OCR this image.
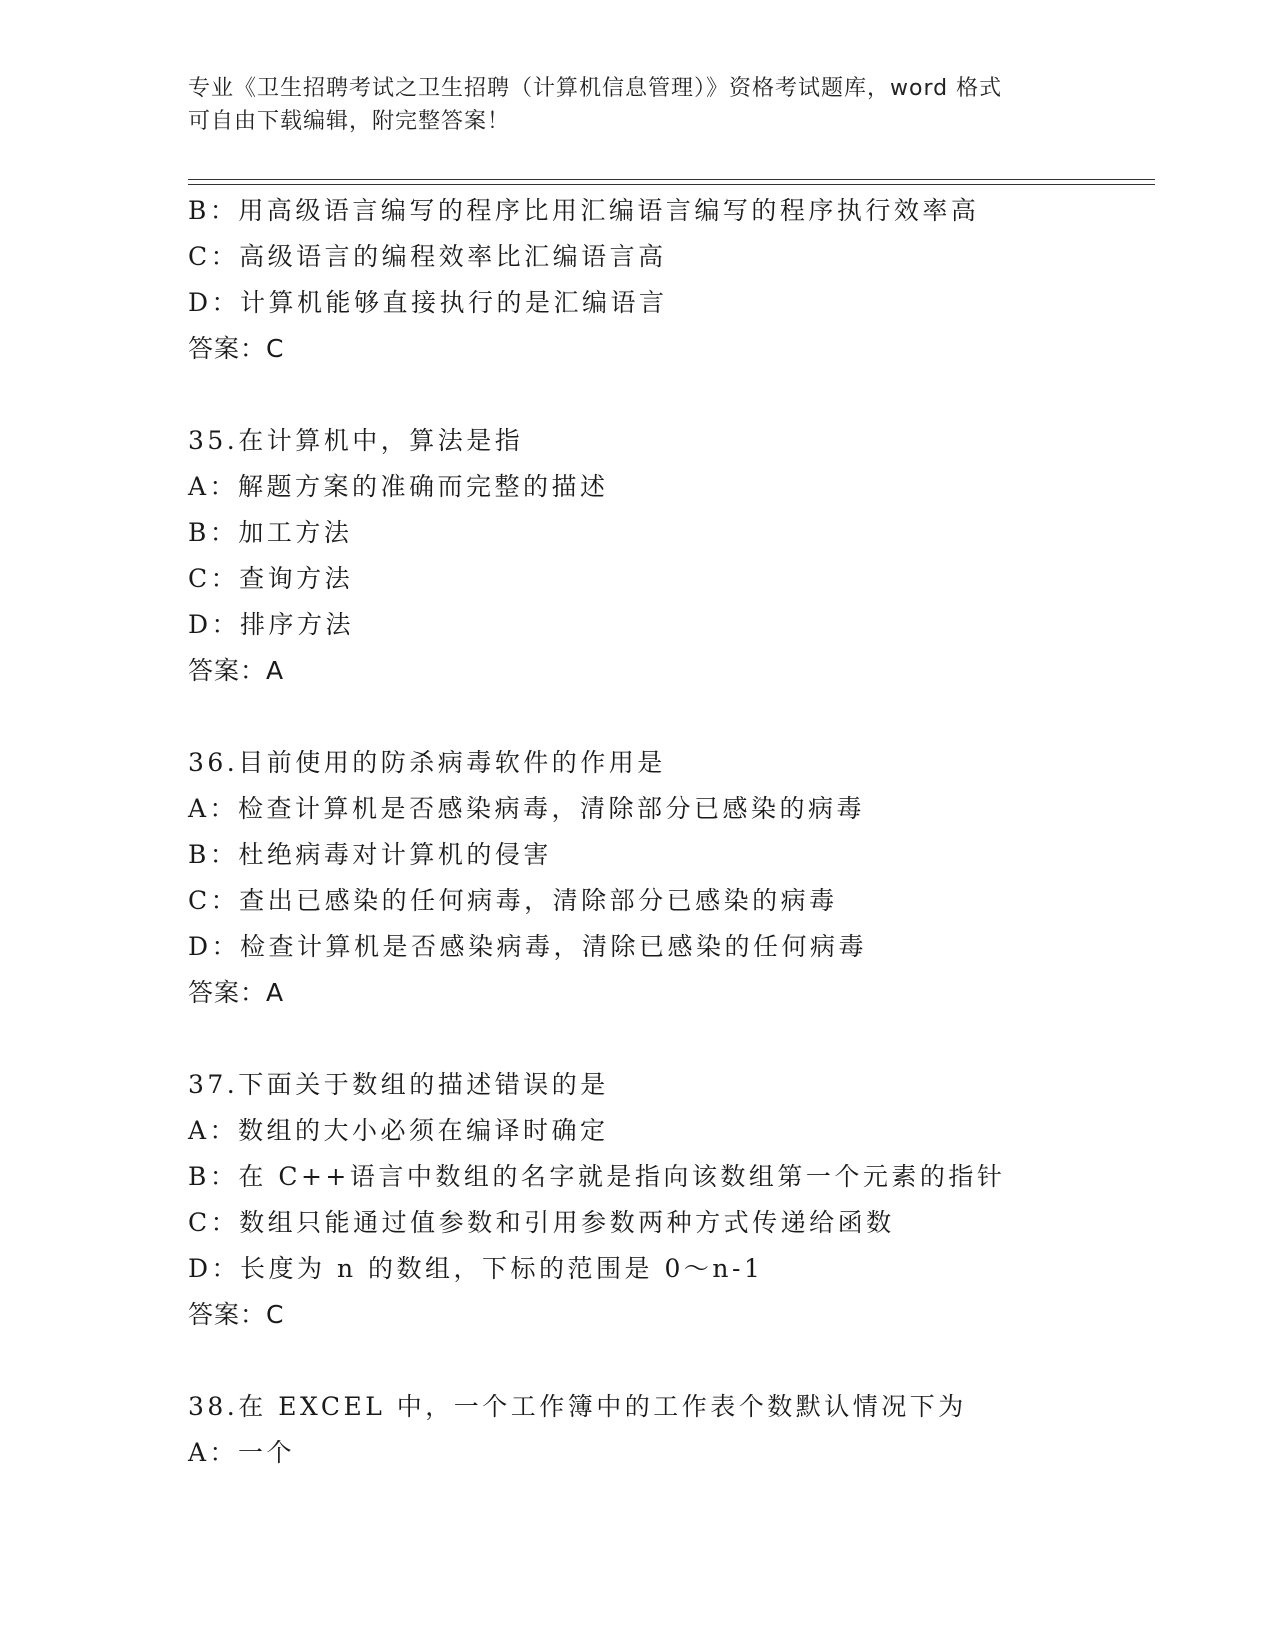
专业《卫生招聘考试之卫生招聘（计算机信息管理）》资格考试题库，word 格式
可自由下载编辑，附完整答案！
B：用高级语言编写的程序比用汇编语言编写的程序执行效率高
C：高级语言的编程效率比汇编语言高
D：计算机能够直接执行的是汇编语言
答案：C
35.在计算机中，算法是指
A：解题方案的准确而完整的描述
B：加工方法
C：查询方法
D：排序方法
答案：A
36.目前使用的防杀病毒软件的作用是
A：检查计算机是否感染病毒，清除部分已感染的病毒
B：杜绝病毒对计算机的侵害
C：查出已感染的任何病毒，清除部分已感染的病毒
D：检查计算机是否感染病毒，清除已感染的任何病毒
答案：A
37.下面关于数组的描述错误的是
A：数组的大小必须在编译时确定
B：在 C++语言中数组的名字就是指向该数组第一个元素的指针
C：数组只能通过值参数和引用参数两种方式传递给函数
D：长度为 n 的数组，下标的范围是 0～n-1
答案：C
38.在 EXCEL 中，一个工作簿中的工作表个数默认情况下为
A：一个
